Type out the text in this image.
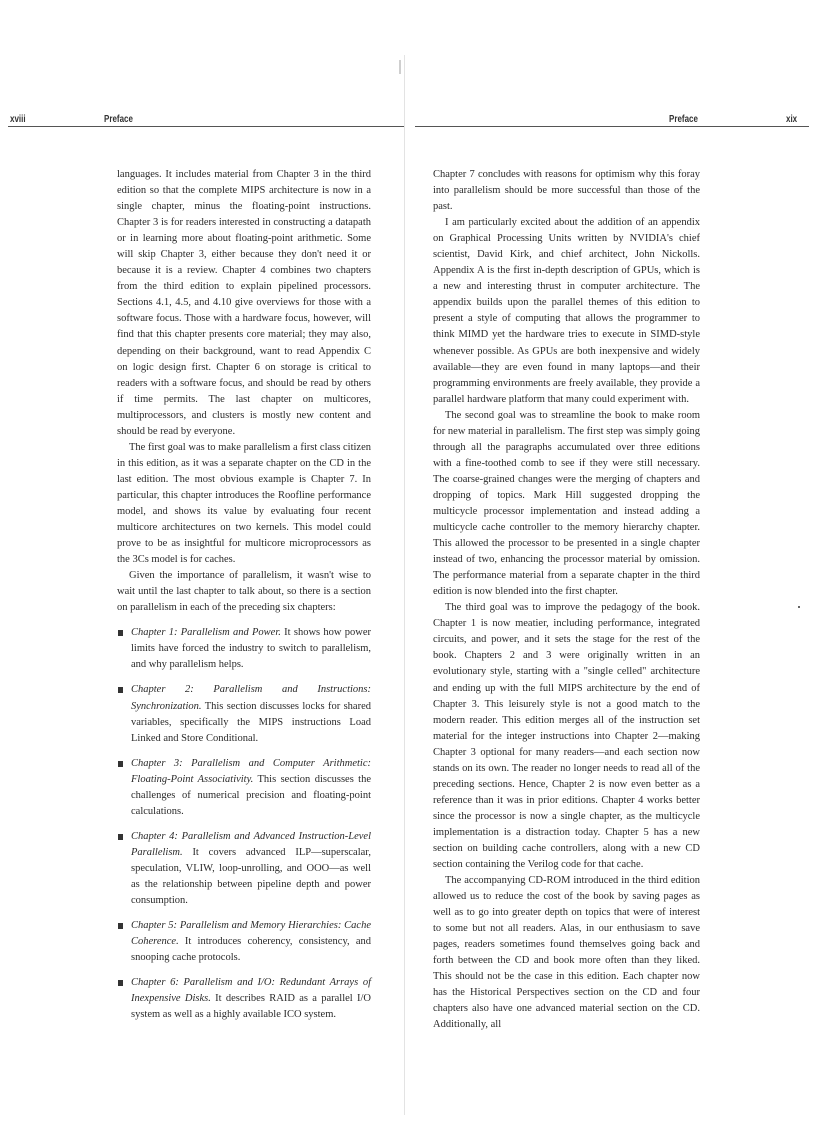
xviii	Preface	Preface	xix

languages. It includes material from Chapter 3 in the third edition so that the complete MIPS architecture is now in a single chapter, minus the floating-point instructions. Chapter 3 is for readers interested in constructing a datapath or in learning more about floating-point arithmetic. Some will skip Chapter 3, either because they don't need it or because it is a review. Chapter 4 combines two chapters from the third edition to explain pipelined processors. Sections 4.1, 4.5, and 4.10 give overviews for those with a software focus. Those with a hardware focus, however, will find that this chapter presents core material; they may also, depending on their background, want to read Appendix C on logic design first. Chapter 6 on storage is critical to readers with a software focus, and should be read by others if time permits. The last chapter on multicores, multiprocessors, and clusters is mostly new content and should be read by everyone.

The first goal was to make parallelism a first class citizen in this edition, as it was a separate chapter on the CD in the last edition. The most obvious example is Chapter 7. In particular, this chapter introduces the Roofline performance model, and shows its value by evaluating four recent multicore architectures on two kernels. This model could prove to be as insightful for multicore microprocessors as the 3Cs model is for caches.

Given the importance of parallelism, it wasn't wise to wait until the last chapter to talk about, so there is a section on parallelism in each of the preceding six chapters:

Chapter 1: Parallelism and Power. It shows how power limits have forced the industry to switch to parallelism, and why parallelism helps.

Chapter 2: Parallelism and Instructions: Synchronization. This section discusses locks for shared variables, specifically the MIPS instructions Load Linked and Store Conditional.

Chapter 3: Parallelism and Computer Arithmetic: Floating-Point Associativity. This section discusses the challenges of numerical precision and floating-point calculations.

Chapter 4: Parallelism and Advanced Instruction-Level Parallelism. It covers advanced ILP—superscalar, speculation, VLIW, loop-unrolling, and OOO—as well as the relationship between pipeline depth and power consumption.

Chapter 5: Parallelism and Memory Hierarchies: Cache Coherence. It introduces coherency, consistency, and snooping cache protocols.

Chapter 6: Parallelism and I/O: Redundant Arrays of Inexpensive Disks. It describes RAID as a parallel I/O system as well as a highly available ICO system.

Chapter 7 concludes with reasons for optimism why this foray into parallelism should be more successful than those of the past.

I am particularly excited about the addition of an appendix on Graphical Processing Units written by NVIDIA's chief scientist, David Kirk, and chief architect, John Nickolls. Appendix A is the first in-depth description of GPUs, which is a new and interesting thrust in computer architecture. The appendix builds upon the parallel themes of this edition to present a style of computing that allows the programmer to think MIMD yet the hardware tries to execute in SIMD-style whenever possible. As GPUs are both inexpensive and widely available—they are even found in many laptops—and their programming environments are freely available, they provide a parallel hardware platform that many could experiment with.

The second goal was to streamline the book to make room for new material in parallelism. The first step was simply going through all the paragraphs accumulated over three editions with a fine-toothed comb to see if they were still necessary. The coarse-grained changes were the merging of chapters and dropping of topics. Mark Hill suggested dropping the multicycle processor implementation and instead adding a multicycle cache controller to the memory hierarchy chapter. This allowed the processor to be presented in a single chapter instead of two, enhancing the processor material by omission. The performance material from a separate chapter in the third edition is now blended into the first chapter.

The third goal was to improve the pedagogy of the book. Chapter 1 is now meatier, including performance, integrated circuits, and power, and it sets the stage for the rest of the book. Chapters 2 and 3 were originally written in an evolutionary style, starting with a "single celled" architecture and ending up with the full MIPS architecture by the end of Chapter 3. This leisurely style is not a good match to the modern reader. This edition merges all of the instruction set material for the integer instructions into Chapter 2—making Chapter 3 optional for many readers—and each section now stands on its own. The reader no longer needs to read all of the preceding sections. Hence, Chapter 2 is now even better as a reference than it was in prior editions. Chapter 4 works better since the processor is now a single chapter, as the multicycle implementation is a distraction today. Chapter 5 has a new section on building cache controllers, along with a new CD section containing the Verilog code for that cache.

The accompanying CD-ROM introduced in the third edition allowed us to reduce the cost of the book by saving pages as well as to go into greater depth on topics that were of interest to some but not all readers. Alas, in our enthusiasm to save pages, readers sometimes found themselves going back and forth between the CD and book more often than they liked. This should not be the case in this edition. Each chapter now has the Historical Perspectives section on the CD and four chapters also have one advanced material section on the CD. Additionally, all
